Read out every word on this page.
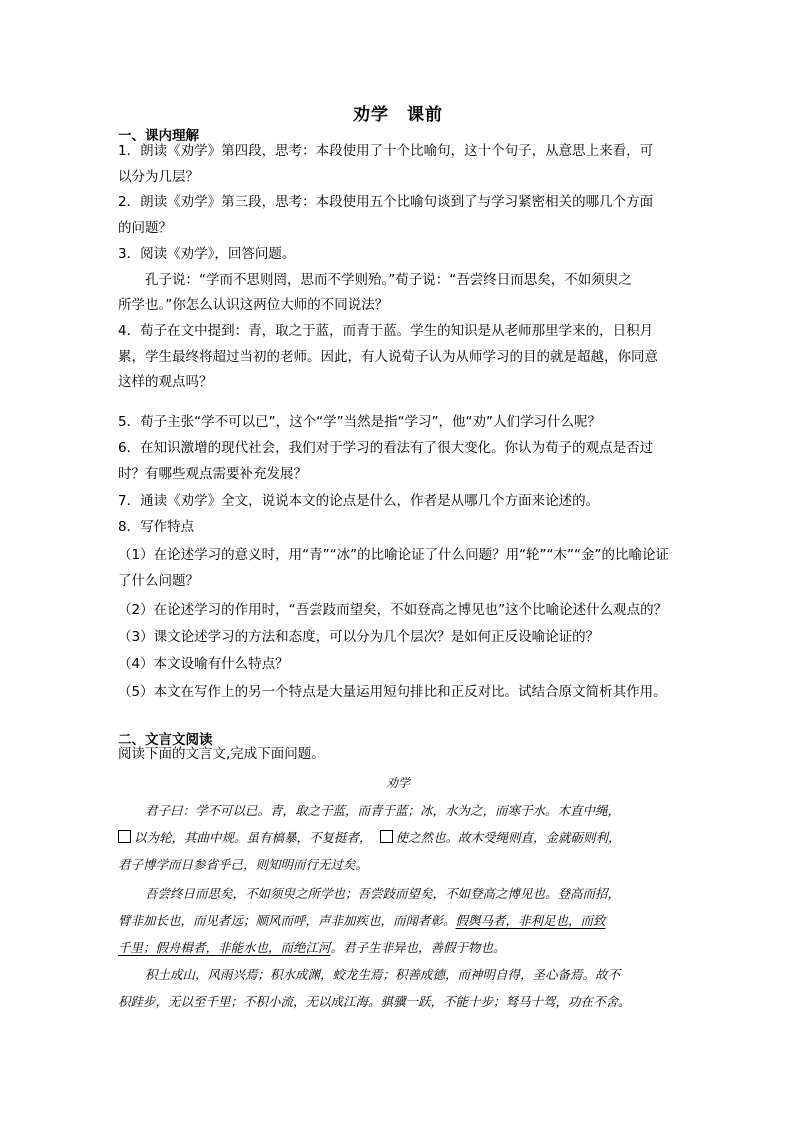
劝学　课前
一、课内理解
1．朗读《劝学》第四段，思考：本段使用了十个比喻句，这十个句子，从意思上来看，可
以分为几层？
2．朗读《劝学》第三段，思考：本段使用五个比喻句谈到了与学习紧密相关的哪几个方面
的问题？
3．阅读《劝学》，回答问题。
孔子说：“学而不思则罔，思而不学则殆。”荀子说：“吾尝终日而思矣，不如须臾之
所学也。”你怎么认识这两位大师的不同说法？
4．荀子在文中提到：青，取之于蓝，而青于蓝。学生的知识是从老师那里学来的，日积月
累，学生最终将超过当初的老师。因此，有人说荀子认为从师学习的目的就是超越，你同意
这样的观点吗？
5．荀子主张“学不可以已”，这个“学”当然是指“学习”，他“劝”人们学习什么呢？
6．在知识激增的现代社会，我们对于学习的看法有了很大变化。你认为荀子的观点是否过
时？有哪些观点需要补充发展？
7．通读《劝学》全文，说说本文的论点是什么，作者是从哪几个方面来论述的。
8．写作特点
（1）在论述学习的意义时，用“青”“冰”的比喻论证了什么问题？用“轮”“木”“金”的比喻论证
了什么问题？
（2）在论述学习的作用时，“吾尝跂而望矣，不如登高之博见也”这个比喻论述什么观点的？
（3）课文论述学习的方法和态度，可以分为几个层次？是如何正反设喻论证的？
（4）本文设喻有什么特点？
（5）本文在写作上的另一个特点是大量运用短句排比和正反对比。试结合原文简析其作用。
二、文言文阅读
阅读下面的文言文,完成下面问题。
劝学
君子曰：学不可以已。青，取之于蓝，而青于蓝；冰，水为之，而寒于水。木直中绳，
以为轮，其曲中规。虽有槁暴，不复挺者， 使之然也。故木受绳则直，金就砺则利，
君子博学而日参省乎己，则知明而行无过矣。
吾尝终日而思矣，不如须臾之所学也；吾尝跂而望矣，不如登高之博见也。登高而招，
臂非加长也，而见者远；顺风而呼，声非加疾也，而闻者彰。假舆马者，非利足也，而致
千里；假舟楫者，非能水也，而绝江河。君子生非异也，善假于物也。
积土成山，风雨兴焉；积水成渊，蛟龙生焉；积善成德，而神明自得，圣心备焉。故不
积跬步，无以至千里；不积小流，无以成江海。骐骥一跃，不能十步；驽马十驾，功在不舍。
